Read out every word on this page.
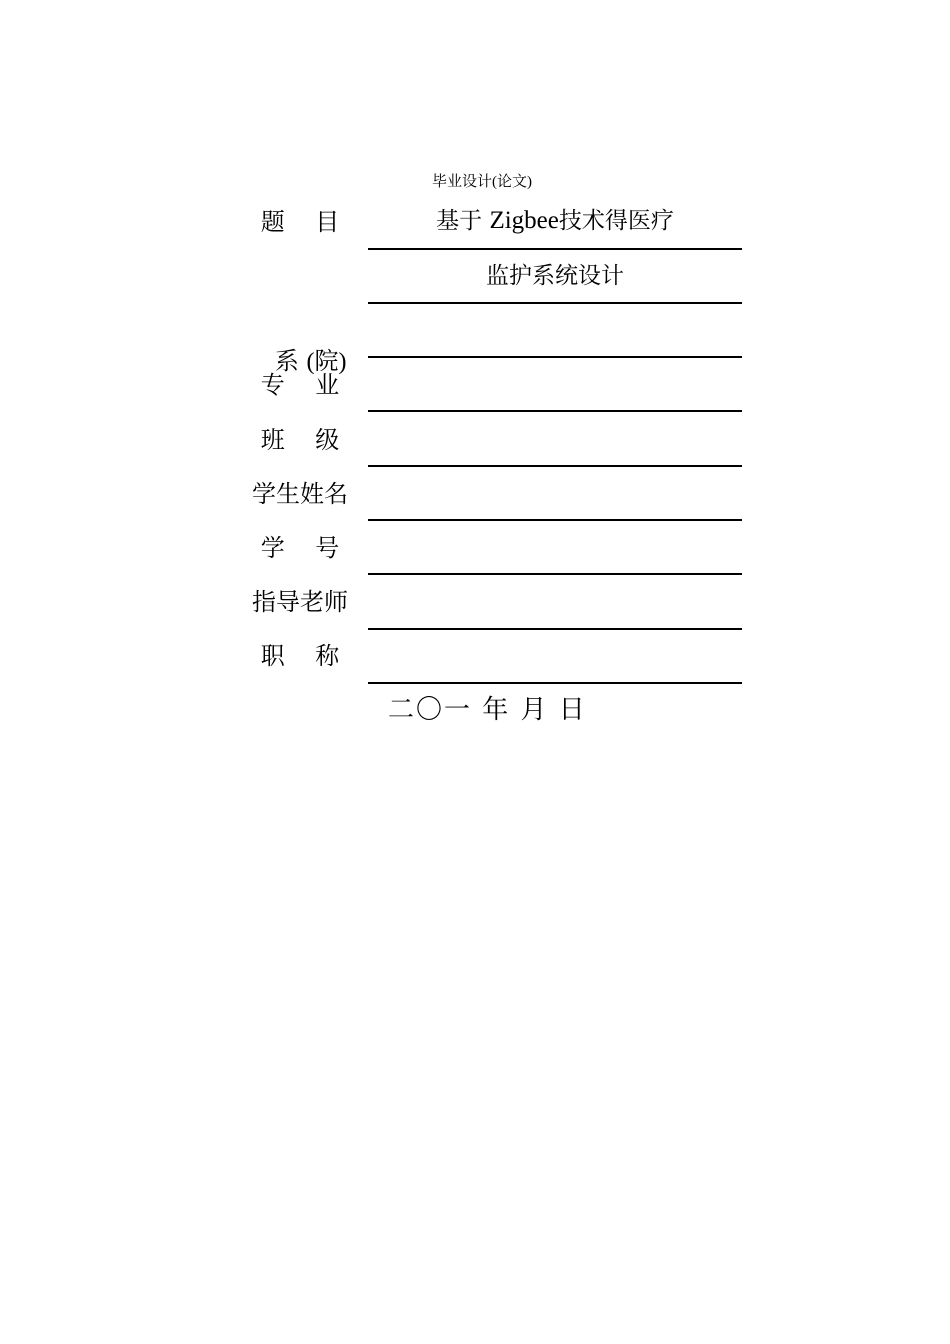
毕业设计(论文)
题    目	基于 Zigbee技术得医疗
监护系统设计

系 (院)

专    业
班    级
学生姓名
学    号
指导老师
职    称
二〇一 年 月 日
